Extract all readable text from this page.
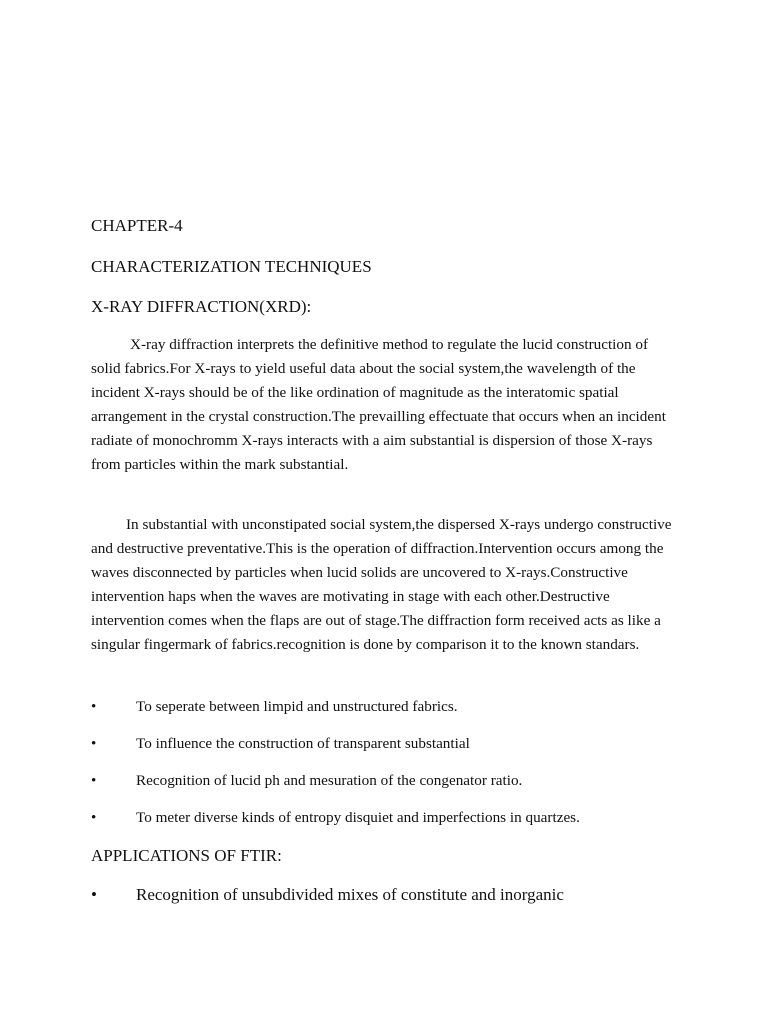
CHAPTER-4
CHARACTERIZATION TECHNIQUES
X-RAY DIFFRACTION(XRD):

X-ray diffraction interprets the definitive method to regulate the lucid construction of solid fabrics.For X-rays to yield useful data about the social system,the wavelength of the incident X-rays should be of the like ordination of magnitude as the interatomic spatial arrangement in the crystal construction.The prevailling effectuate that occurs when an incident radiate of monochromm X-rays interacts with a aim substantial is dispersion of those X-rays from particles within the mark substantial.

In substantial with unconstipated social system,the dispersed X-rays undergo constructive and destructive preventative.This is the operation of diffraction.Intervention occurs among the waves disconnected by particles when lucid solids are uncovered to X-rays.Constructive intervention haps when the waves are motivating in stage with each other.Destructive intervention comes when the flaps are out of stage.The diffraction form received acts as like a singular fingermark of fabrics.recognition is done by comparison it to the known standars.

•	To seperate between limpid and unstructured fabrics.
•	To influence the construction of transparent substantial
•	Recognition of lucid ph and mesuration of the congenator ratio.
•	To meter diverse kinds of entropy disquiet and imperfections in quartzes.
APPLICATIONS OF FTIR:
• Recognition of unsubdivided mixes of constitute and inorganic
